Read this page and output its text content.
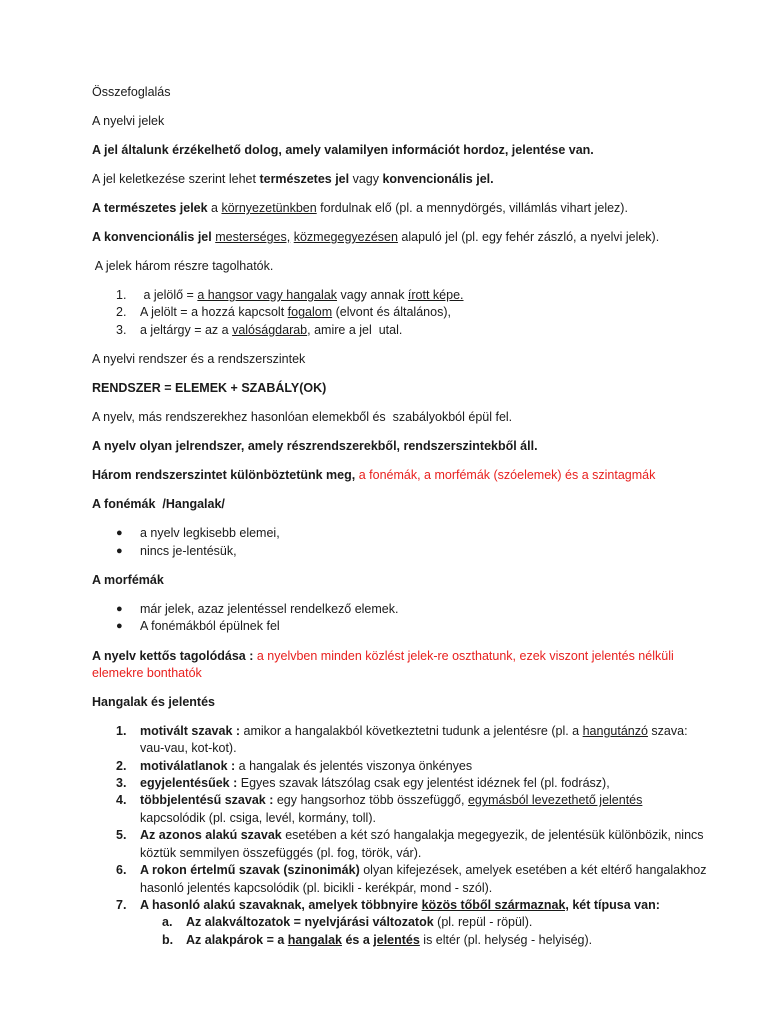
Összefoglalás

A nyelvi jelek

A jel általunk érzékelhető dolog, amely valamilyen információt hordoz, jelentése van.

A jel keletkezése szerint lehet természetes jel vagy konvencionális jel.

A természetes jelek a környezetünkben fordulnak elő (pl. a mennydörgés, villámlás vihart jelez).

A konvencionális jel mesterséges, közmegegyezésen alapuló jel (pl. egy fehér zászló, a nyelvi jelek).

A jelek három részre tagolhatók.

1. a jelölő = a hangsor vagy hangalak vagy annak írott képe.
2. A jelölt = a hozzá kapcsolt fogalom (elvont és általános),
3. a jeltárgy = az a valóságdarab, amire a jel  utal.

A nyelvi rendszer és a rendszerszintek

RENDSZER = ELEMEK + SZABÁLY(OK)

A nyelv, más rendszerekhez hasonlóan elemekből és  szabályokból épül fel.

A nyelv olyan jelrendszer, amely részrendszerekből, rendszerszintekből áll.

Három rendszerszintet különböztetünk meg, a fonémák, a morfémák (szóelemek) és a szintagmák

A fonémák  /Hangalak/

● a nyelv legkisebb elemei,
● nincs je-lentésük,

A morfémák

● már jelek, azaz jelentéssel rendelkező elemek.
● A fonémákból épülnek fel

A nyelv kettős tagolódása : a nyelvben minden közlést jelek-re oszthatunk, ezek viszont jelentés nélküli elemekre bonthatók

Hangalak és jelentés

1. motivált szavak : amikor a hangalakból következtetni tudunk a jelentésre (pl. a hangutánzó szava: vau-vau, kot-kot).
2. motiválatlanok : a hangalak és jelentés viszonya önkényes
3. egyjelentésűek : Egyes szavak látszólag csak egy jelentést idéznek fel (pl. fodrász),
4. többjelentésű szavak : egy hangsorhoz több összefüggő, egymásból levezethető jelentés kapcsolódik (pl. csiga, levél, kormány, toll).
5. Az azonos alakú szavak esetében a két szó hangalakja megegyezik, de jelentésük különbözik, nincs köztük semmilyen összefüggés (pl. fog, török, vár).
6. A rokon értelmű szavak (szinonimák) olyan kifejezések, amelyek esetében a két eltérő hangalakhoz hasonló jelentés kapcsolódik (pl. bicikli - kerékpár, mond - szól).
7. A hasonló alakú szavaknak, amelyek többnyire közös tőből származnak, két típusa van:
a. Az alakváltozatok = nyelvjárási változatok (pl. repül - röpül).
b. Az alakpárok = a hangalak és a jelentés is eltér (pl. helység - helyiség).
